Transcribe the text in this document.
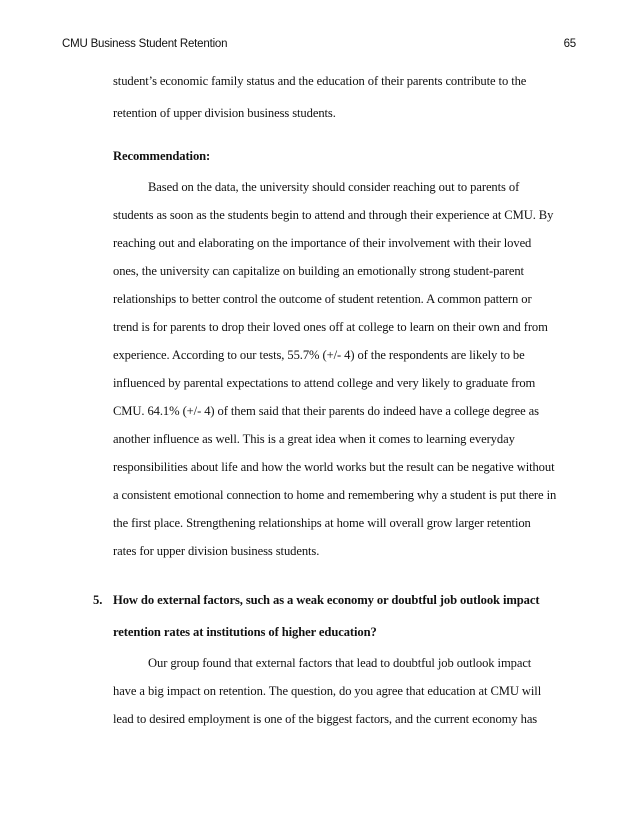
CMU Business Student Retention	65
student’s economic family status and the education of their parents contribute to the
retention of upper division business students.
Recommendation:
Based on the data, the university should consider reaching out to parents of
students as soon as the students begin to attend and through their experience at CMU. By
reaching out and elaborating on the importance of their involvement with their loved
ones, the university can capitalize on building an emotionally strong student-parent
relationships to better control the outcome of student retention. A common pattern or
trend is for parents to drop their loved ones off at college to learn on their own and from
experience. According to our tests, 55.7% (+/- 4) of the respondents are likely to be
influenced by parental expectations to attend college and very likely to graduate from
CMU. 64.1% (+/- 4) of them said that their parents do indeed have a college degree as
another influence as well. This is a great idea when it comes to learning everyday
responsibilities about life and how the world works but the result can be negative without
a consistent emotional connection to home and remembering why a student is put there in
the first place. Strengthening relationships at home will overall grow larger retention
rates for upper division business students.
5. How do external factors, such as a weak economy or doubtful job outlook impact
retention rates at institutions of higher education?
Our group found that external factors that lead to doubtful job outlook impact
have a big impact on retention. The question, do you agree that education at CMU will
lead to desired employment is one of the biggest factors, and the current economy has
